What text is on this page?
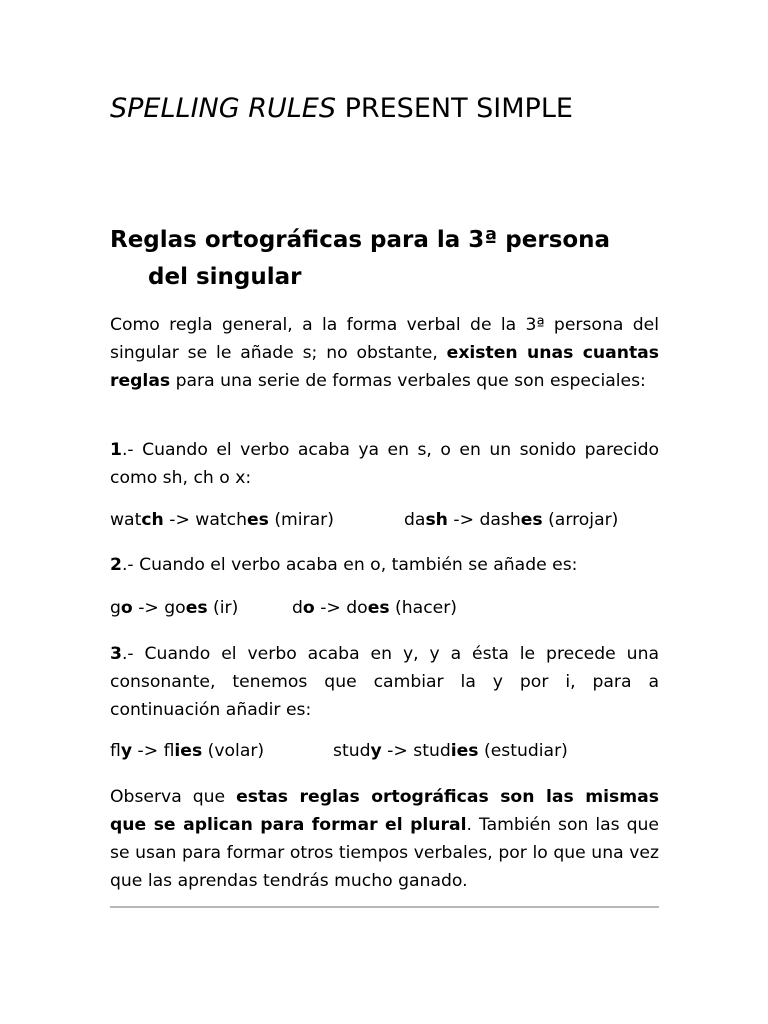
SPELLING RULES PRESENT SIMPLE
Reglas ortográficas para la 3ª persona
del singular

Como regla general, a la forma verbal de la 3ª persona del singular se le añade s; no obstante, existen unas cuantas reglas para una serie de formas verbales que son especiales:

1.- Cuando el verbo acaba ya en s, o en un sonido parecido como sh, ch o x:

watch -> watches (mirar)	dash -> dashes (arrojar)

2.- Cuando el verbo acaba en o, también se añade es:

go -> goes (ir)	do -> does (hacer)

3.- Cuando el verbo acaba en y, y a ésta le precede una consonante, tenemos que cambiar la y por i, para a continuación añadir es:

fly -> flies (volar)	study -> studies (estudiar)

Observa que estas reglas ortográficas son las mismas que se aplican para formar el plural. También son las que se usan para formar otros tiempos verbales, por lo que una vez que las aprendas tendrás mucho ganado.
